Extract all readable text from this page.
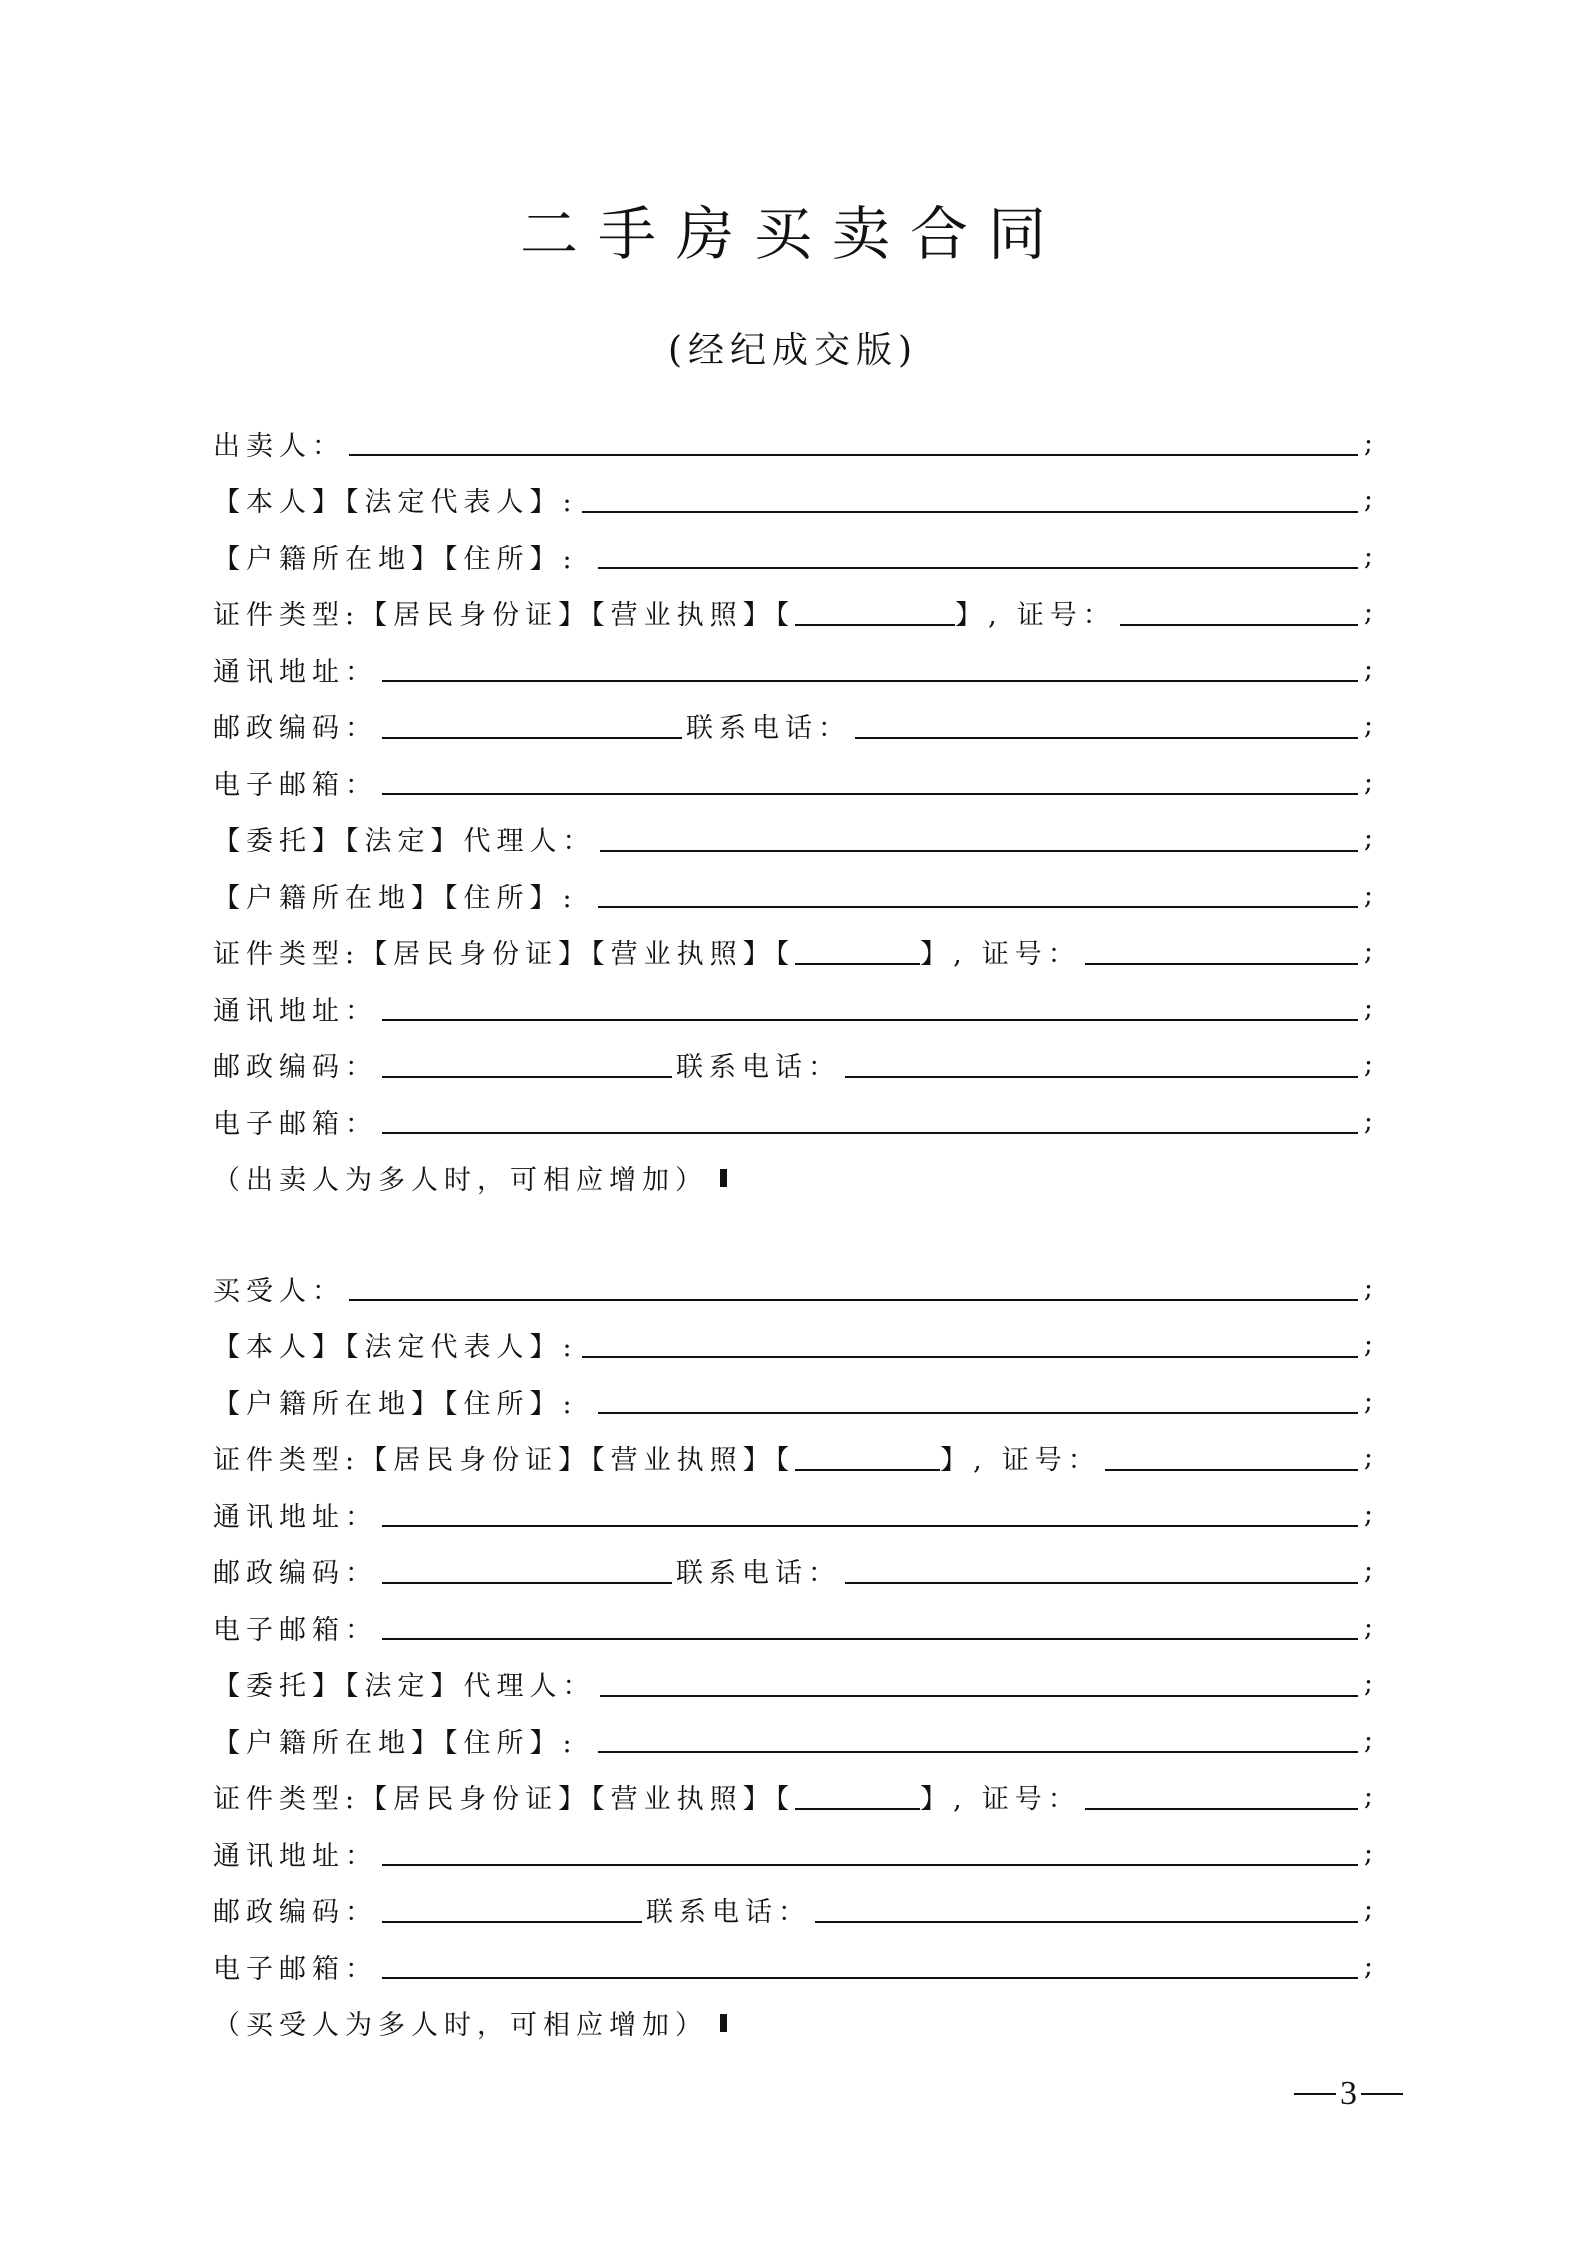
二手房买卖合同
(经纪成交版)
出卖人：	;
【本人】【法定代表人】:	;
【户籍所在地】【住所】:	;
证件类型:【居民身份证】【营业执照】【	】, 证号：	;
通讯地址：	;
邮政编码：	联系电话：	;
电子邮箱：	;
【委托】【法定】代理人：	;
【户籍所在地】【住所】:	;
证件类型:【居民身份证】【营业执照】【	】, 证号：	;
通讯地址：	;
邮政编码：	联系电话：	;
电子邮箱：	;
（出卖人为多人时，可相应增加）
买受人：	;
【本人】【法定代表人】:	;
【户籍所在地】【住所】:	;
证件类型:【居民身份证】【营业执照】【	】, 证号：	;
通讯地址：	;
邮政编码：	联系电话：	;
电子邮箱：	;
【委托】【法定】代理人：	;
【户籍所在地】【住所】:	;
证件类型:【居民身份证】【营业执照】【	】, 证号：	;
通讯地址：	;
邮政编码：	联系电话：	;
电子邮箱：	;
（买受人为多人时，可相应增加）
3
